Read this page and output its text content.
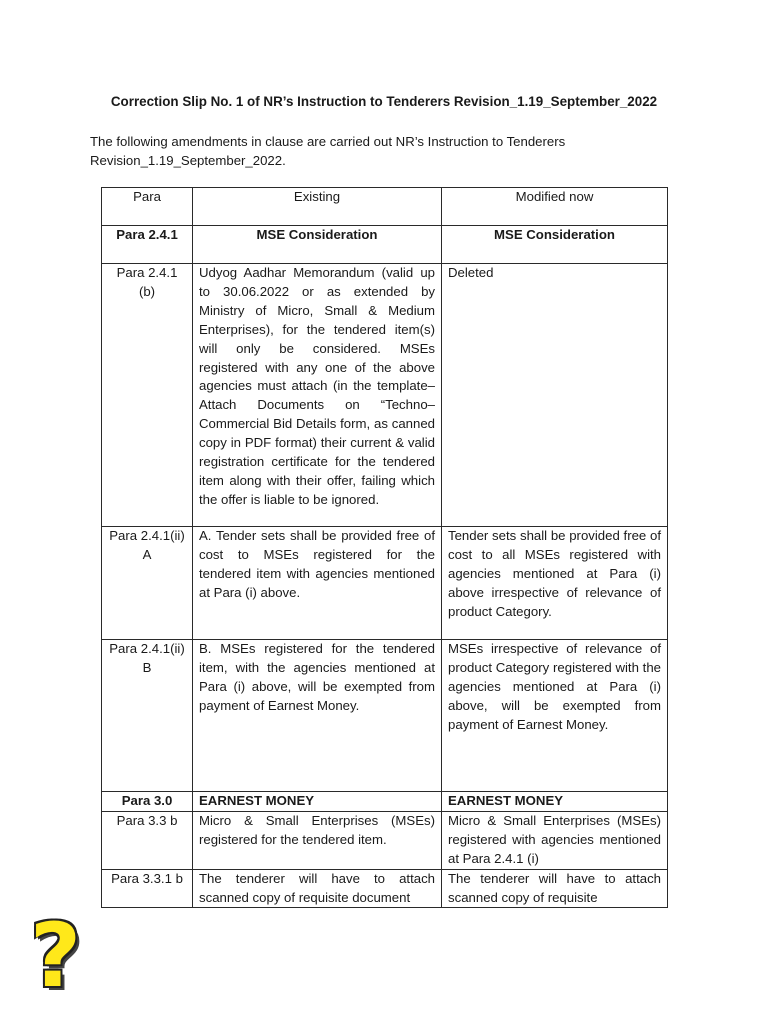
Correction Slip No. 1 of NR’s Instruction to Tenderers Revision_1.19_September_2022

The following amendments in clause are carried out NR’s Instruction to Tenderers Revision_1.19_September_2022.

Para	Existing	Modified now
Para 2.4.1	MSE Consideration	MSE Consideration
Para 2.4.1 (b)	Udyog Aadhar Memorandum (valid up to 30.06.2022 or as extended by Ministry of Micro, Small & Medium Enterprises), for the tendered item(s) will only be considered. MSEs registered with any one of the above agencies must attach (in the template–Attach Documents on “Techno–Commercial Bid Details form, as canned copy in PDF format) their current & valid registration certificate for the tendered item along with their offer, failing which the offer is liable to be ignored.	Deleted
Para 2.4.1(ii) A	A. Tender sets shall be provided free of cost to MSEs registered for the tendered item with agencies mentioned at Para (i) above.	Tender sets shall be provided free of cost to all MSEs registered with agencies mentioned at Para (i) above irrespective of relevance of product Category.
Para 2.4.1(ii) B	B. MSEs registered for the tendered item, with the agencies mentioned at Para (i) above, will be exempted from payment of Earnest Money.	MSEs irrespective of relevance of product Category registered with the agencies mentioned at Para (i) above, will be exempted from payment of Earnest Money.
Para 3.0	EARNEST MONEY	EARNEST MONEY
Para 3.3 b	Micro & Small Enterprises (MSEs) registered for the tendered item.	Micro & Small Enterprises (MSEs) registered with agencies mentioned at Para 2.4.1 (i)
Para 3.3.1 b	The tenderer will have to attach scanned copy of requisite document	The tenderer will have to attach scanned copy of requisite
?
